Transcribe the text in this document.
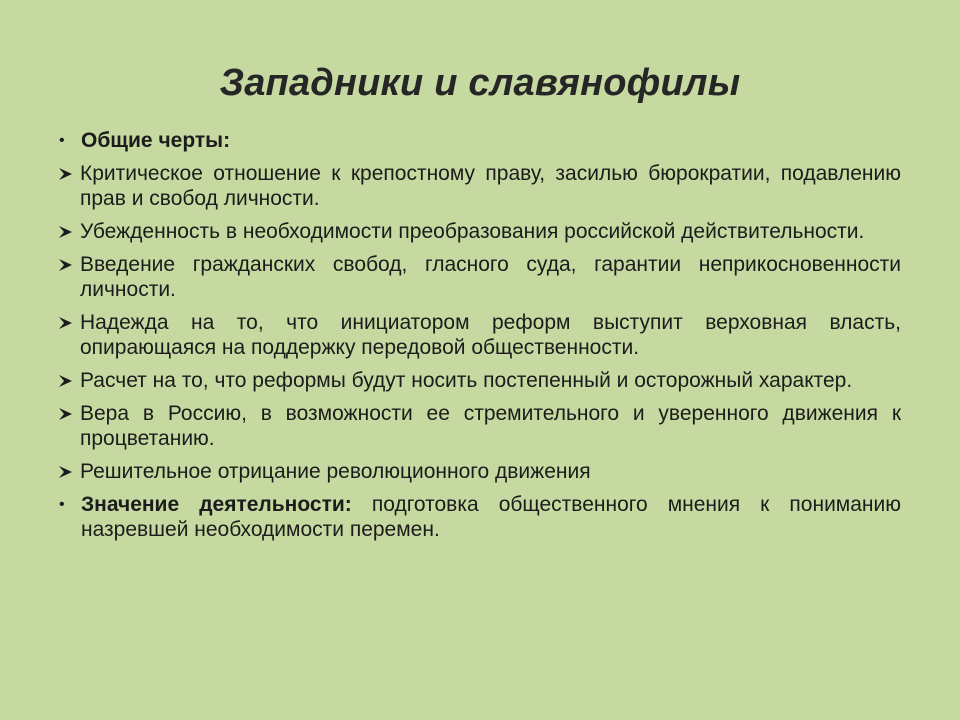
Западники и славянофилы
• Общие черты:
Критическое отношение к крепостному праву, засилью бюрократии, подавлению прав и свобод личности.
Убежденность в необходимости преобразования российской действительности.
Введение гражданских свобод, гласного суда, гарантии неприкосновенности личности.
Надежда на то, что инициатором реформ выступит верховная власть, опирающаяся на поддержку передовой общественности.
Расчет на то, что реформы будут носить постепенный и осторожный характер.
Вера в Россию, в возможности ее стремительного и уверенного движения к процветанию.
Решительное отрицание революционного движения
• Значение деятельности: подготовка общественного мнения к пониманию назревшей необходимости перемен.
